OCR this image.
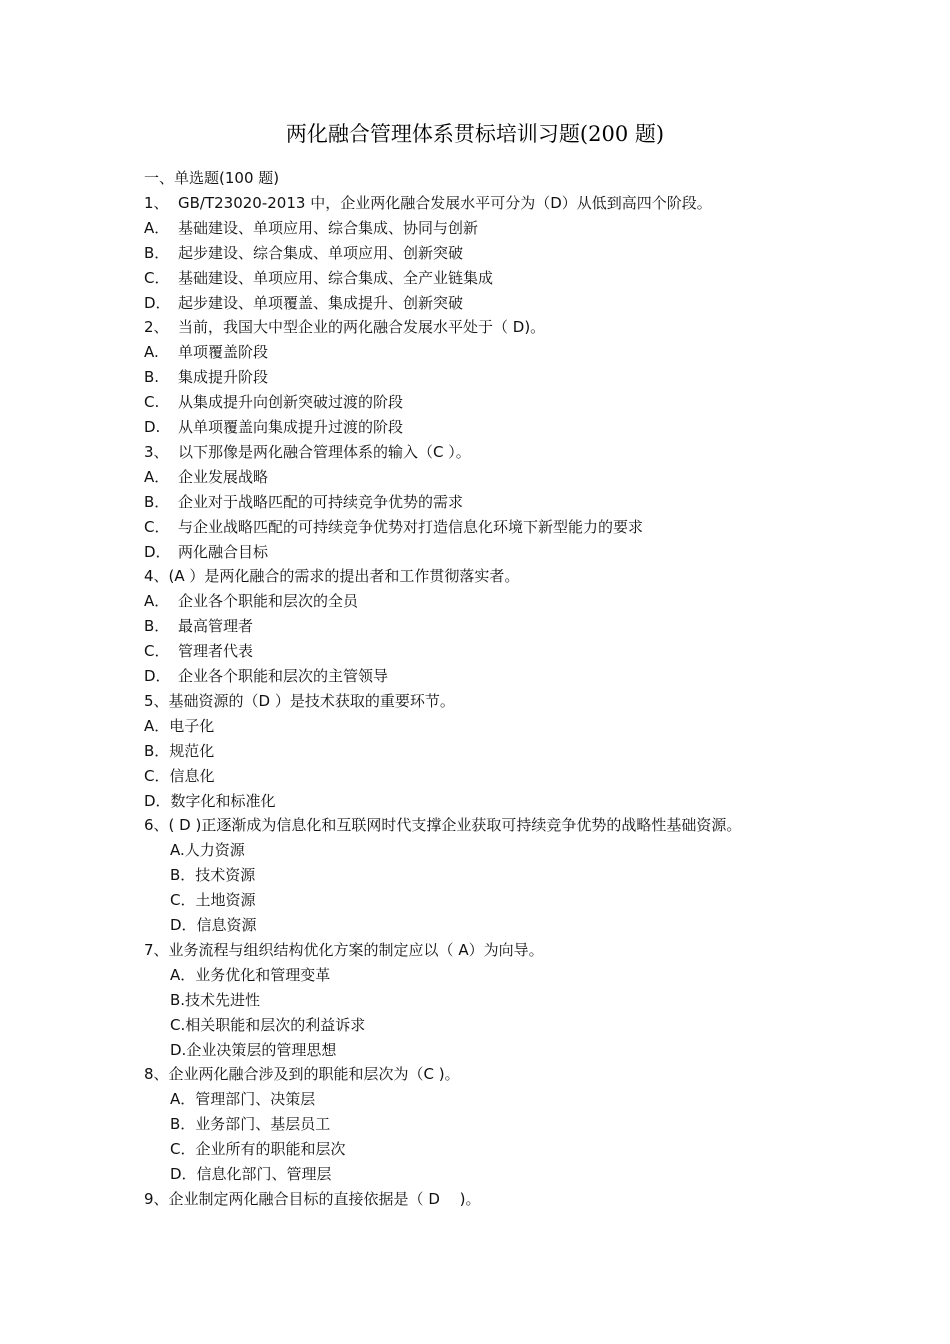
两化融合管理体系贯标培训习题(200 题)
一、单选题(100 题)
1、 GB/T23020-2013 中，企业两化融合发展水平可分为（D）从低到高四个阶段。
A． 基础建设、单项应用、综合集成、协同与创新
B． 起步建设、综合集成、单项应用、创新突破
C． 基础建设、单项应用、综合集成、全产业链集成
D． 起步建设、单项覆盖、集成提升、创新突破
2、 当前，我国大中型企业的两化融合发展水平处于（ D)。
A. 单项覆盖阶段
B. 集成提升阶段
C. 从集成提升向创新突破过渡的阶段
D. 从单项覆盖向集成提升过渡的阶段
3、 以下那像是两化融合管理体系的输入（C ）。
A． 企业发展战略
B． 企业对于战略匹配的可持续竞争优势的需求
C． 与企业战略匹配的可持续竞争优势对打造信息化环境下新型能力的要求
D． 两化融合目标
4、(A ）是两化融合的需求的提出者和工作贯彻落实者。
A． 企业各个职能和层次的全员
B． 最高管理者
C． 管理者代表
D． 企业各个职能和层次的主管领导
5、基础资源的（D ）是技术获取的重要环节。
A．电子化
B．规范化
C．信息化
D．数字化和标准化
6、( D )正逐渐成为信息化和互联网时代支撑企业获取可持续竞争优势的战略性基础资源。
A.人力资源
B．技术资源
C．土地资源
D．信息资源
7、业务流程与组织结构优化方案的制定应以（ A）为向导。
A．业务优化和管理变革
B.技术先进性
C.相关职能和层次的利益诉求
D.企业决策层的管理思想
8、企业两化融合涉及到的职能和层次为（C )。
A．管理部门、决策层
B．业务部门、基层员工
C．企业所有的职能和层次
D．信息化部门、管理层
9、企业制定两化融合目标的直接依据是（ D　 )。
